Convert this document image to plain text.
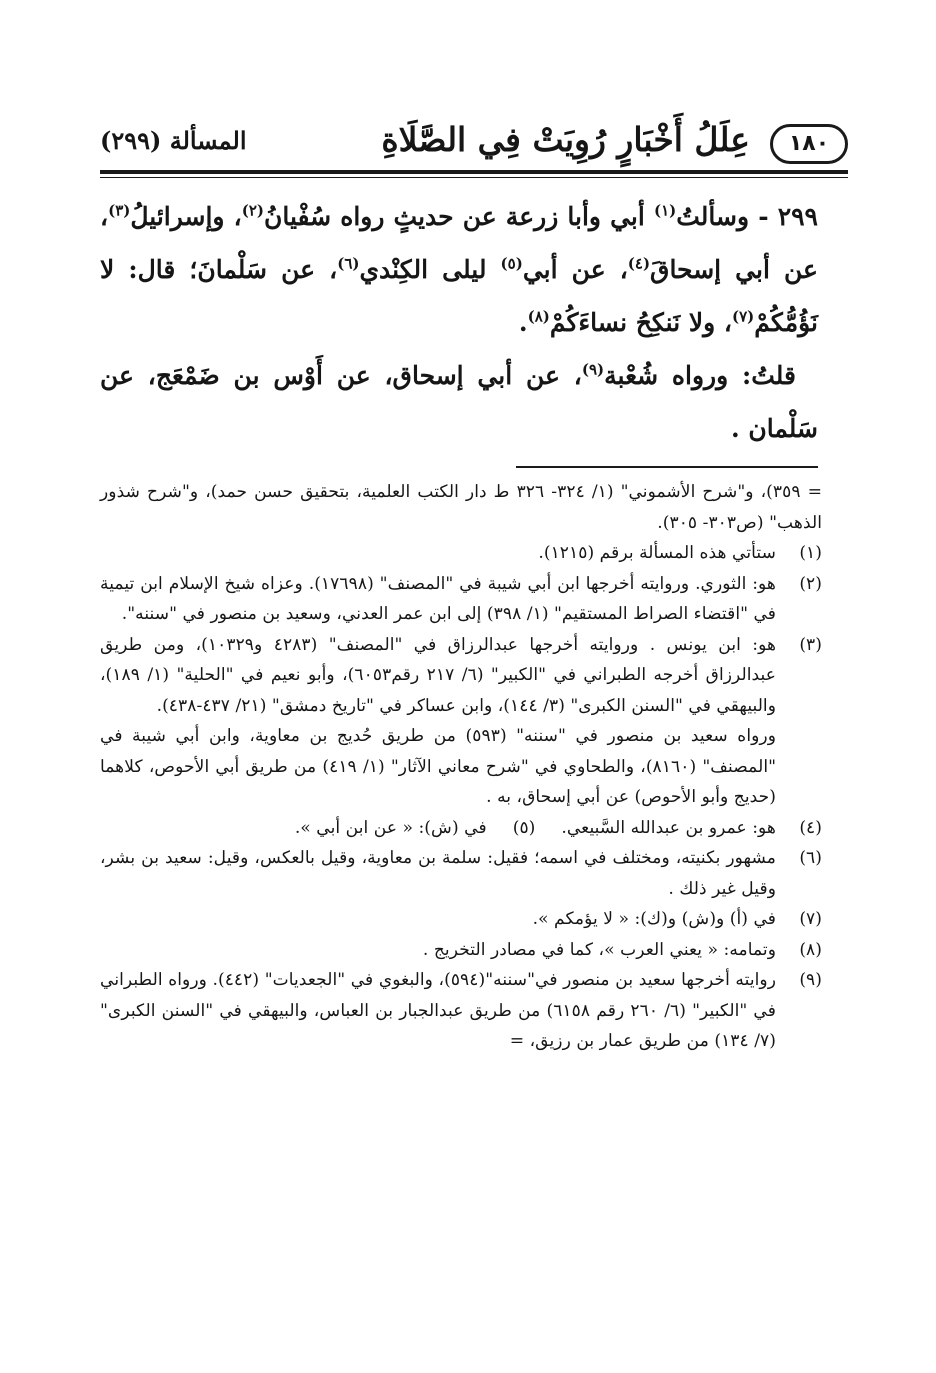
١٨٠
عِلَلُ أَخْبَارٍ رُوِيَتْ فِي الصَّلَاةِ
المسألة (٢٩٩)

٢٩٩ - وسألتُ$^{(١)}$ أبي وأبا زرعة عن حديثٍ رواه سُفْيانُ$^{(٢)}$، وإسرائيلُ$^{(٣)}$، عن أبي إسحاقَ$^{(٤)}$، عن أبي$^{(٥)}$ ليلى الكِنْدي$^{(٦)}$، عن سَلْمانَ؛ قال: لا نَؤُمُّكُمْ$^{(٧)}$، ولا نَنكِحُ نساءَكُمْ$^{(٨)}$.

قلتُ: ورواه شُعْبة$^{(٩)}$، عن أبي إسحاق، عن أَوْس بن ضَمْعَج، عن سَلْمان .

= ٣٥٩)، و"شرح الأشموني" (١/ ٣٢٤- ٣٢٦ ط دار الكتب العلمية، بتحقيق حسن حمد)، و"شرح شذور الذهب" (ص٣٠٣- ٣٠٥).

(١)

ستأتي هذه المسألة برقم (١٢١٥).

(٢)

هو: الثوري. وروايته أخرجها ابن أبي شيبة في "المصنف" (١٧٦٩٨). وعزاه شيخ الإسلام ابن تيمية في "اقتضاء الصراط المستقيم" (١/ ٣٩٨) إلى ابن عمر العدني، وسعيد بن منصور في "سننه".

(٣)

هو: ابن يونس . وروايته أخرجها عبدالرزاق في "المصنف" (٤٢٨٣ و١٠٣٢٩)، ومن طريق عبدالرزاق أخرجه الطبراني في "الكبير" (٦/ ٢١٧ رقم٦٠٥٣)، وأبو نعيم في "الحلية" (١/ ١٨٩)، والبيهقي في "السنن الكبرى" (٣/ ١٤٤)، وابن عساكر في "تاريخ دمشق" (٢١/ ٤٣٧-٤٣٨).

ورواه سعيد بن منصور في "سننه" (٥٩٣) من طريق حُديج بن معاوية، وابن أبي شيبة في "المصنف" (٨١٦٠)، والطحاوي في "شرح معاني الآثار" (١/ ٤١٩) من طريق أبي الأحوص، كلاهما (حديج وأبو الأحوص) عن أبي إسحاق، به .

(٤)
هو: عمرو بن عبدالله السَّبيعي.
(٥)
في (ش): « عن ابن أبي ».
(٦)

مشهور بكنيته، ومختلف في اسمه؛ فقيل: سلمة بن معاوية، وقيل بالعكس، وقيل: سعيد بن بشر، وقيل غير ذلك .

(٧)

في (أ) و(ش) و(ك): « لا يؤمكم ».

(٨)

وتمامه: « يعني العرب »، كما في مصادر التخريج .

(٩)

روايته أخرجها سعيد بن منصور في"سننه"(٥٩٤)، والبغوي في "الجعديات" (٤٤٢). ورواه الطبراني في "الكبير" (٦/ ٢٦٠ رقم ٦١٥٨) من طريق عبدالجبار بن العباس، والبيهقي في "السنن الكبرى" (٧/ ١٣٤) من طريق عمار بن رزيق، =
